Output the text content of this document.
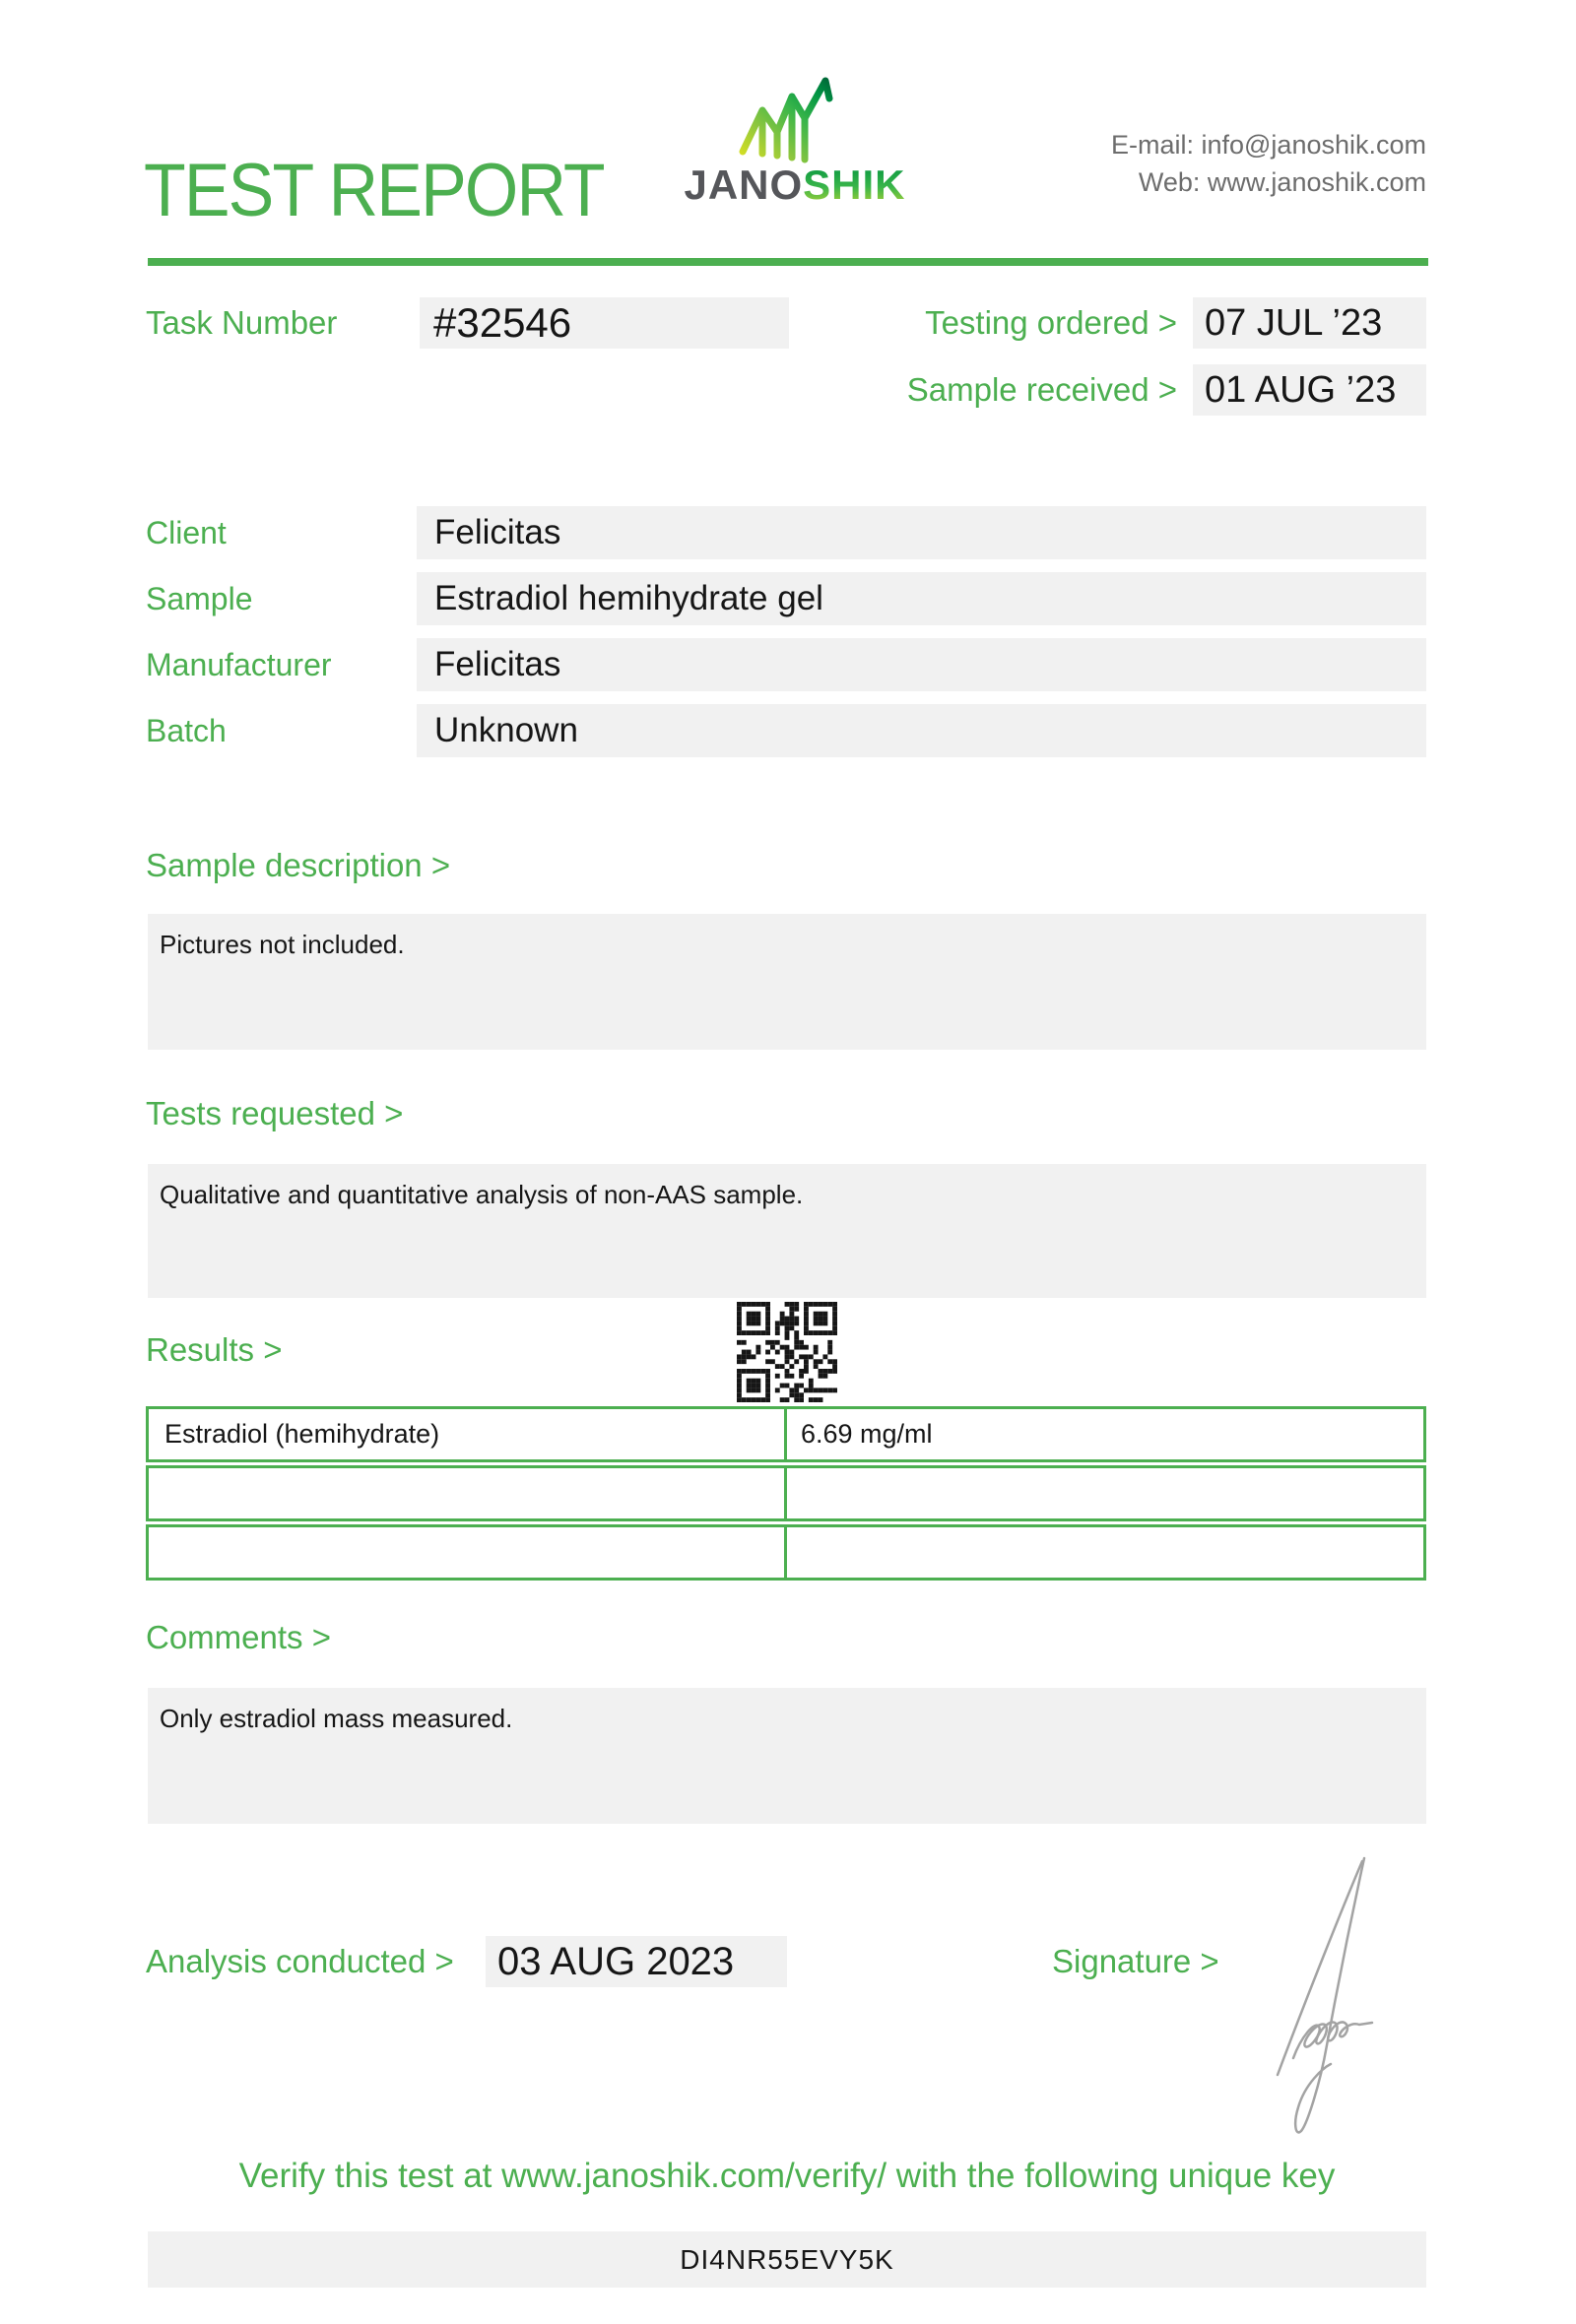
TEST REPORT	JANOSHIK
E-mail: info@janoshik.com
Web: www.janoshik.com
Task Number	#32546	Testing ordered > 07 JUL ’23
Sample received > 01 AUG ’23
Client	Felicitas
Sample	Estradiol hemihydrate gel
Manufacturer	Felicitas
Batch	Unknown
Sample description >
Pictures not included.
Tests requested >
Qualitative and quantitative analysis of non-AAS sample.
Results >
Estradiol (hemihydrate)	6.69 mg/ml
Comments >
Only estradiol mass measured.
Analysis conducted >	03 AUG 2023	Signature >
Verify this test at www.janoshik.com/verify/ with the following unique key
DI4NR55EVY5K
